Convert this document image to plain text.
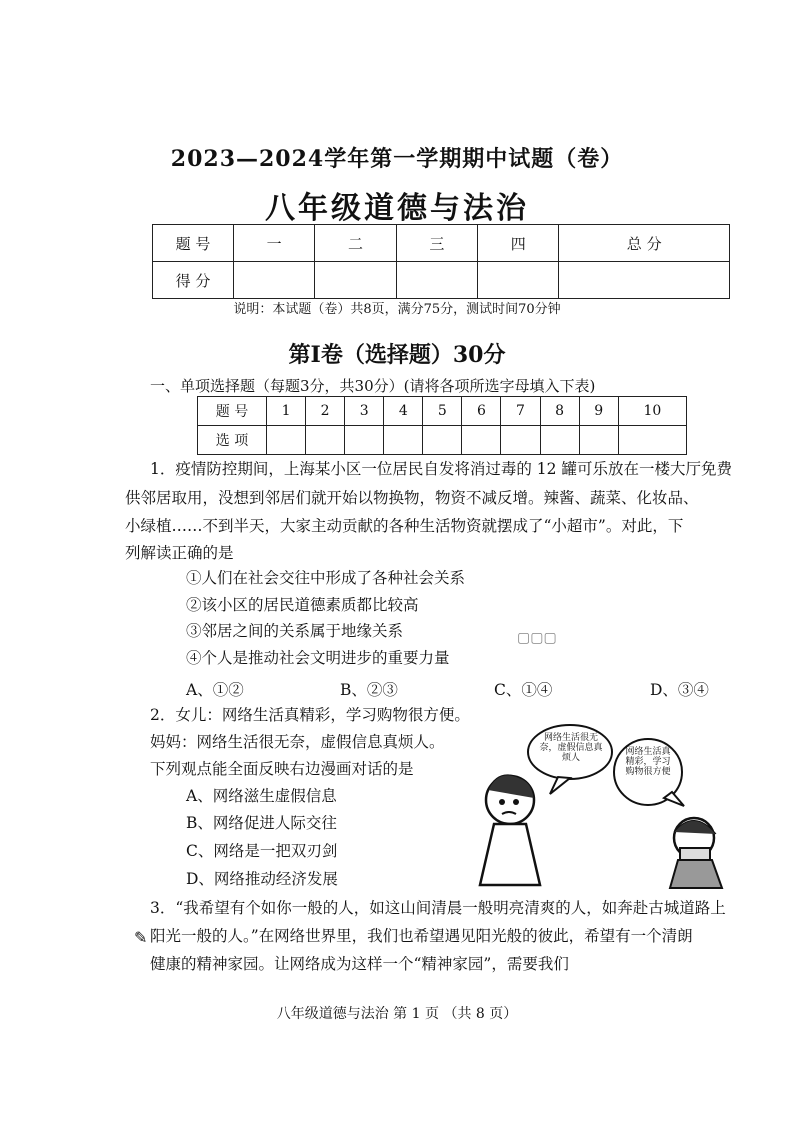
2023—2024学年第一学期期中试题（卷）
八年级道德与法治
题 号	一	二	三	四	总 分
得 分					
说明：本试题（卷）共8页，满分75分，测试时间70分钟
第Ⅰ卷（选择题）30分
一、单项选择题（每题3分，共30分）(请将各项所选字母填入下表)
题 号	1	2	3	4	5	6	7	8	9	10
选 项										
1．疫情防控期间，上海某小区一位居民自发将消过毒的 12 罐可乐放在一楼大厅免费
供邻居取用，没想到邻居们就开始以物换物，物资不减反增。辣酱、蔬菜、化妆品、
小绿植……不到半天，大家主动贡献的各种生活物资就摆成了“小超市”。对此，下
列解读正确的是
①人们在社会交往中形成了各种社会关系
②该小区的居民道德素质都比较高
③邻居之间的关系属于地缘关系
④个人是推动社会文明进步的重要力量
▢▢▢
A、①②	B、②③	C、①④	D、③④
2．女儿：网络生活真精彩，学习购物很方便。
妈妈：网络生活很无奈，虚假信息真烦人。
下列观点能全面反映右边漫画对话的是
A、网络滋生虚假信息
B、网络促进人际交往
C、网络是一把双刃剑
D、网络推动经济发展
网络生活很无奈，虚假信息真烦人
网络生活真精彩，学习购物很方便
3．“我希望有个如你一般的人，如这山间清晨一般明亮清爽的人，如奔赴古城道路上
✎ 阳光一般的人。”在网络世界里，我们也希望遇见阳光般的彼此，希望有一个清朗
健康的精神家园。让网络成为这样一个“精神家园”，需要我们
八年级道德与法治 第 1 页 （共 8 页）
